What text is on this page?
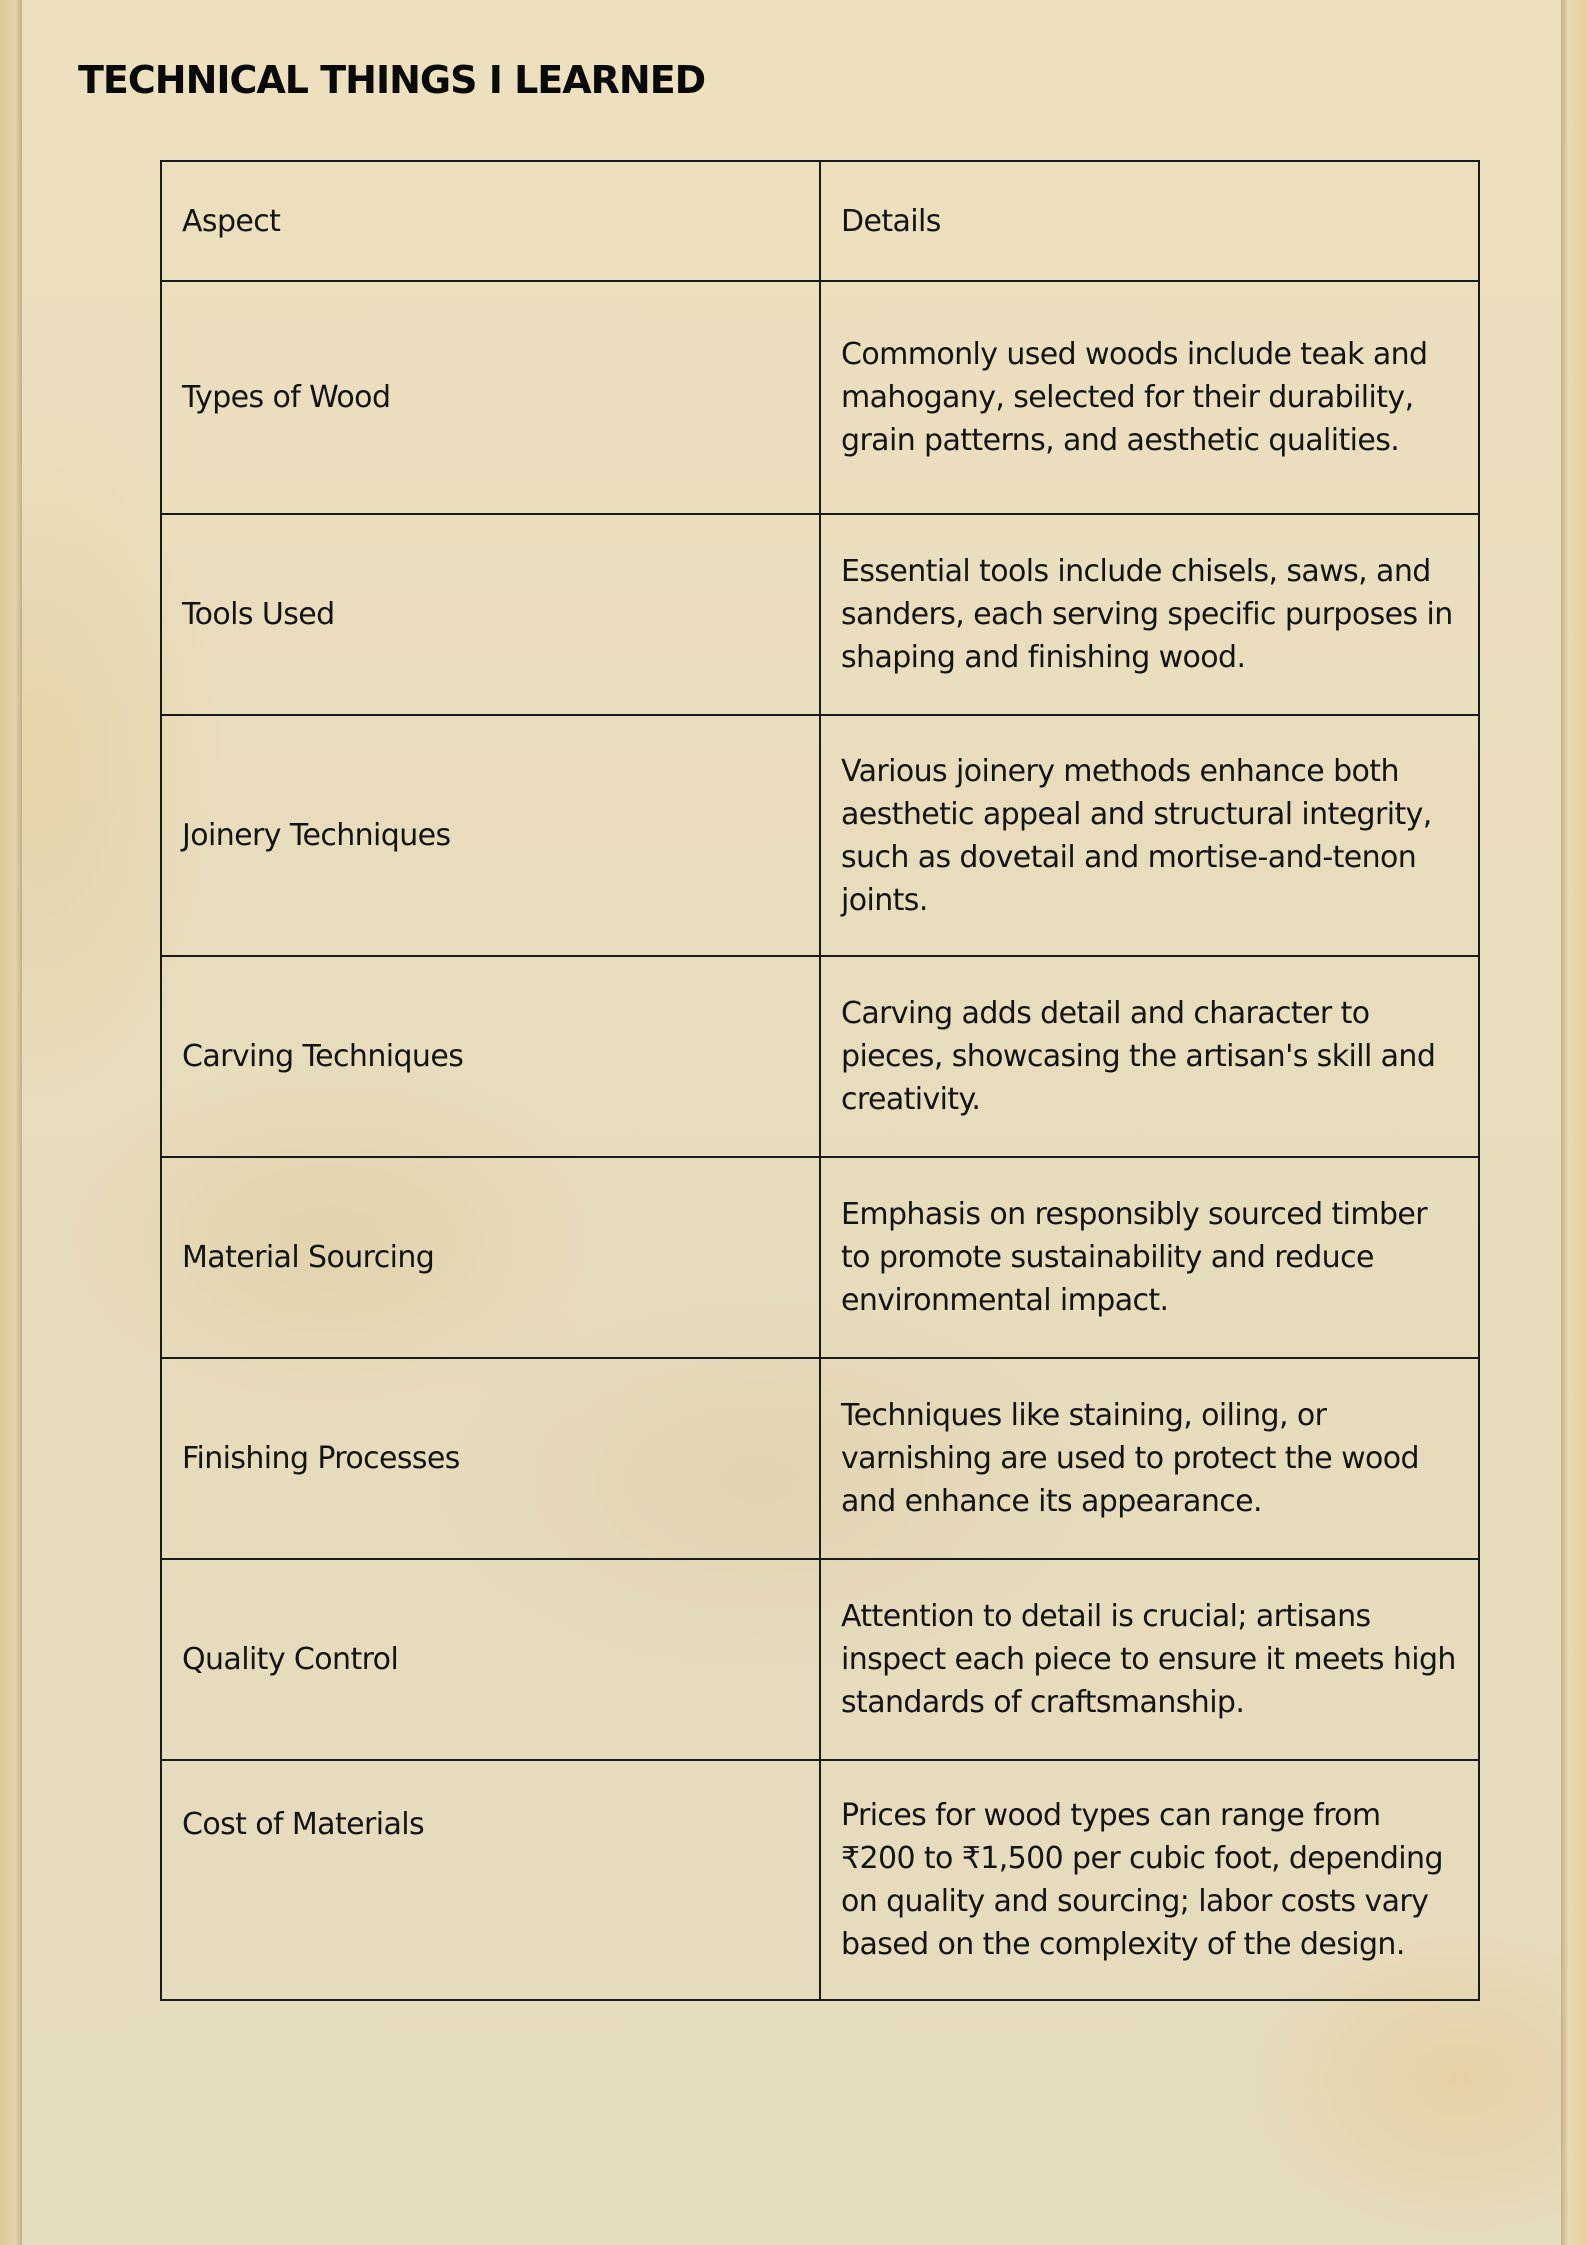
TECHNICAL THINGS I LEARNED
Aspect	Details
Types of Wood	Commonly used woods include teak and mahogany, selected for their durability, grain patterns, and aesthetic qualities.
Tools Used	Essential tools include chisels, saws, and sanders, each serving specific purposes in shaping and finishing wood.
Joinery Techniques	Various joinery methods enhance both aesthetic appeal and structural integrity, such as dovetail and mortise-and-tenon joints.
Carving Techniques	Carving adds detail and character to pieces, showcasing the artisan's skill and creativity.
Material Sourcing	Emphasis on responsibly sourced timber to promote sustainability and reduce environmental impact.
Finishing Processes	Techniques like staining, oiling, or varnishing are used to protect the wood and enhance its appearance.
Quality Control	Attention to detail is crucial; artisans inspect each piece to ensure it meets high standards of craftsmanship.
Cost of Materials	Prices for wood types can range from ₹200 to ₹1,500 per cubic foot, depending on quality and sourcing; labor costs vary based on the complexity of the design.
